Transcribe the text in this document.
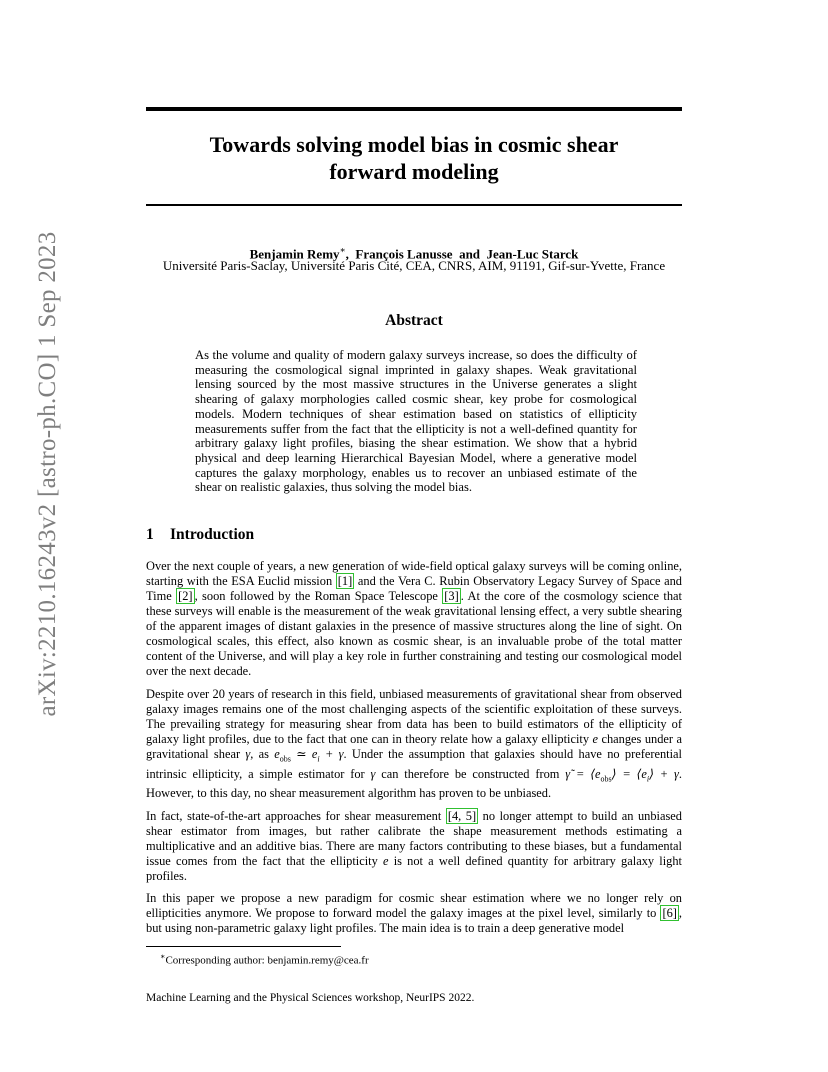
arXiv:2210.16243v2 [astro-ph.CO] 1 Sep 2023
Towards solving model bias in cosmic shear
forward modeling
Benjamin Remy∗,  François Lanusse  and  Jean-Luc Starck
Université Paris-Saclay, Université Paris Cité, CEA, CNRS, AIM, 91191, Gif-sur-Yvette, France
Abstract
As the volume and quality of modern galaxy surveys increase, so does the difficulty of measuring the cosmological signal imprinted in galaxy shapes. Weak gravitational lensing sourced by the most massive structures in the Universe generates a slight shearing of galaxy morphologies called cosmic shear, key probe for cosmological models. Modern techniques of shear estimation based on statistics of ellipticity measurements suffer from the fact that the ellipticity is not a well-defined quantity for arbitrary galaxy light profiles, biasing the shear estimation. We show that a hybrid physical and deep learning Hierarchical Bayesian Model, where a generative model captures the galaxy morphology, enables us to recover an unbiased estimate of the shear on realistic galaxies, thus solving the model bias.
1 Introduction

Over the next couple of years, a new generation of wide-field optical galaxy surveys will be coming online, starting with the ESA Euclid mission [1] and the Vera C. Rubin Observatory Legacy Survey of Space and Time [2] , soon followed by the Roman Space Telescope [3] . At the core of the cosmology science that these surveys will enable is the measurement of the weak gravitational lensing effect, a very subtle shearing of the apparent images of distant galaxies in the presence of massive structures along the line of sight. On cosmological scales, this effect, also known as cosmic shear, is an invaluable probe of the total matter content of the Universe, and will play a key role in further constraining and testing our cosmological model over the next decade.

Despite over 20 years of research in this field, unbiased measurements of gravitational shear from observed galaxy images remains one of the most challenging aspects of the scientific exploitation of these surveys. The prevailing strategy for measuring shear from data has been to build estimators of the ellipticity of galaxy light profiles, due to the fact that one can in theory relate how a galaxy ellipticity e changes under a gravitational shear γ, as $e_{obs}$ ≃ $e_i + \gamma$. Under the assumption that galaxies should have no preferential intrinsic ellipticity, a simple estimator for γ can therefore be constructed from γ̃ = $⟨e_{obs}⟩$ = $⟨e_i⟩ + \gamma$. However, to this day, no shear measurement algorithm has proven to be unbiased.

In fact, state-of-the-art approaches for shear measurement [4, 5] no longer attempt to build an unbiased shear estimator from images, but rather calibrate the shape measurement methods estimating a multiplicative and an additive bias. There are many factors contributing to these biases, but a fundamental issue comes from the fact that the ellipticity e is not a well defined quantity for arbitrary galaxy light profiles.

In this paper we propose a new paradigm for cosmic shear estimation where we no longer rely on ellipticities anymore. We propose to forward model the galaxy images at the pixel level, similarly to [6] , but using non-parametric galaxy light profiles. The main idea is to train a deep generative model

∗Corresponding author: benjamin.remy@cea.fr
Machine Learning and the Physical Sciences workshop, NeurIPS 2022.
